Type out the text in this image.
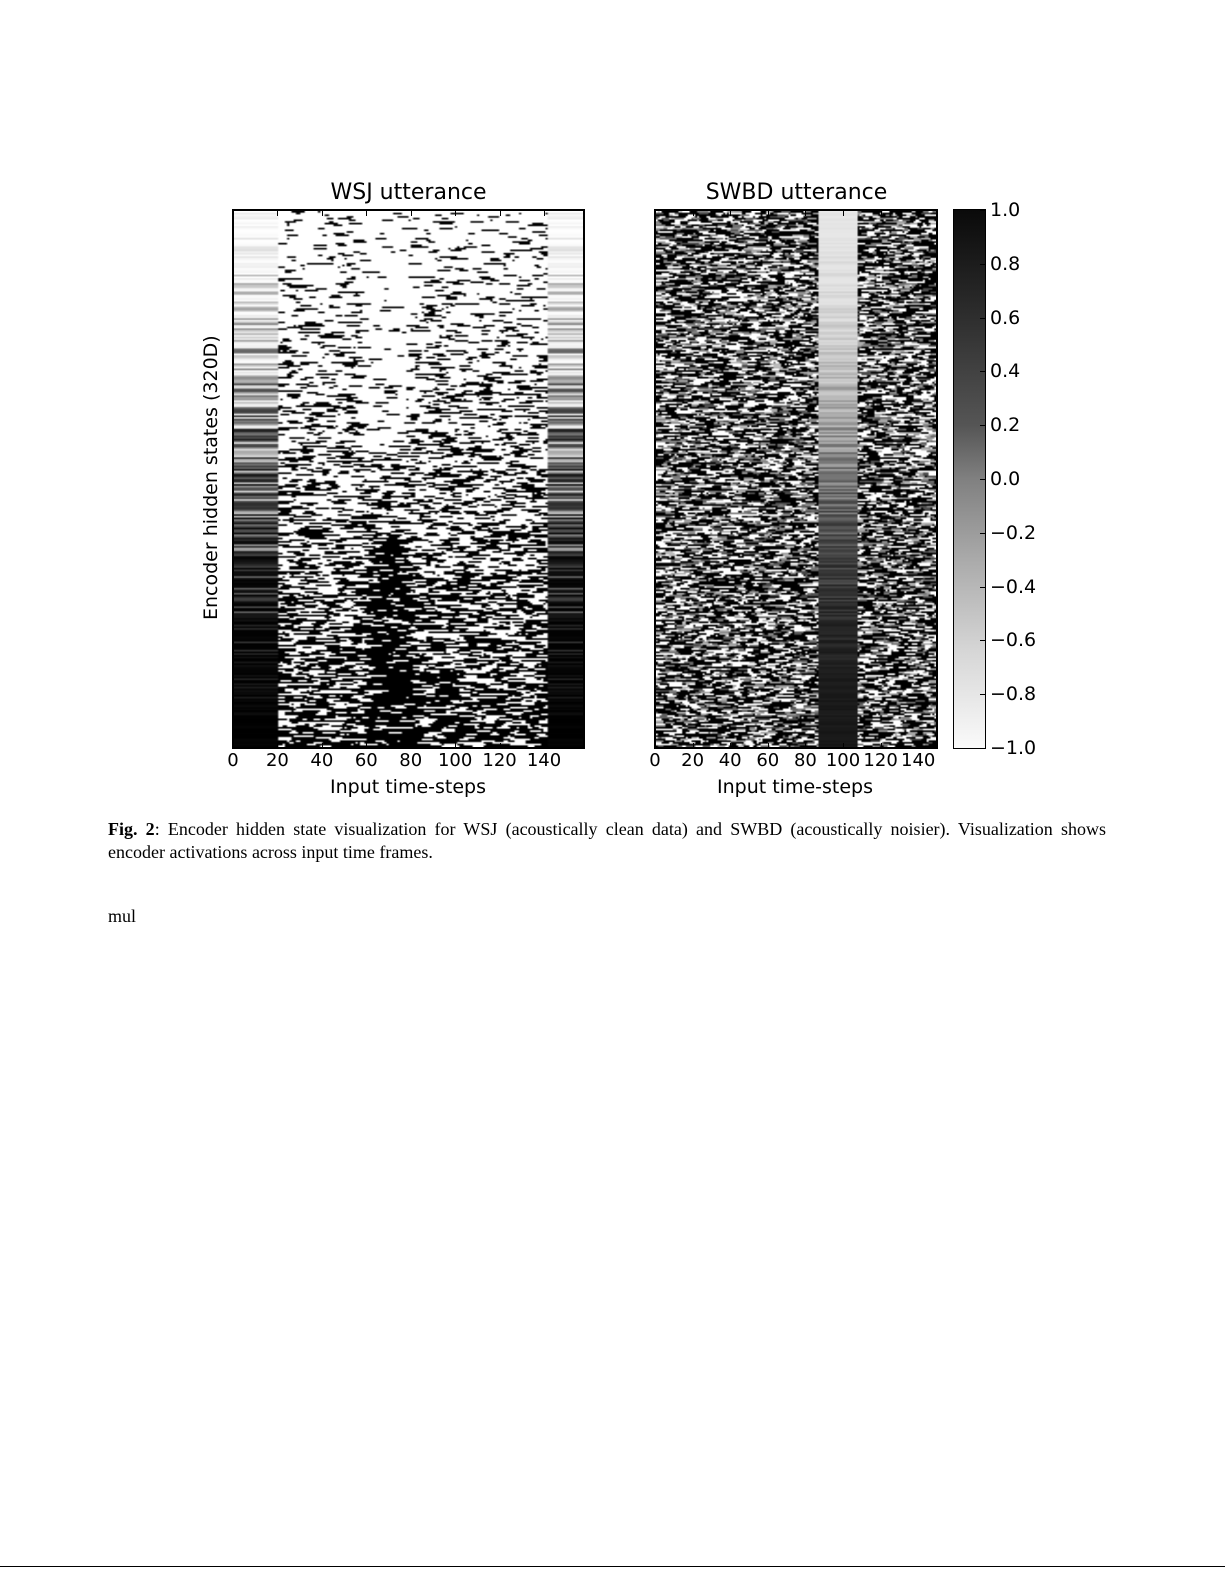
WSJ utterance
0 20 40 60 80 100 120 140
Input time-steps
Encoder hidden states (320D)
SWBD utterance
0 20 40 60 80 100 120 140
Input time-steps
1.0
0.8
0.6
0.4
0.2
0.0
−0.2
−0.4
−0.6
−0.8
−1.0
Fig. 2: Encoder hidden state visualization for WSJ (acoustically clean data) and SWBD (acoustically noisier). Visualization shows encoder activations across input time frames.
mul
